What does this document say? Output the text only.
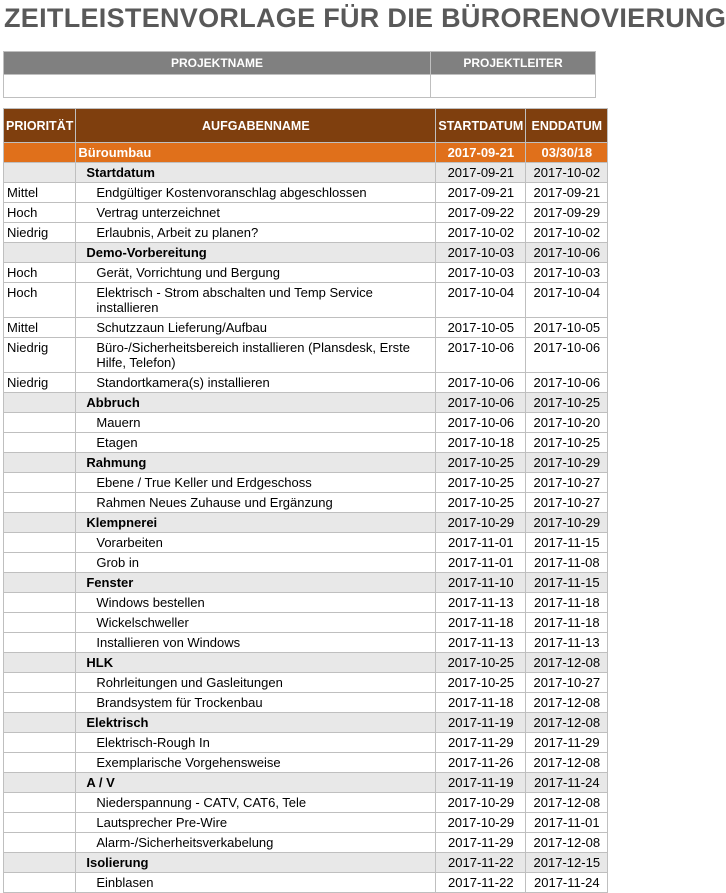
ZEITLEISTENVORLAGE FÜR DIE BÜRORENOVIERUNG
PROJEKTNAME	PROJEKTLEITER

PRIORITÄT	AUFGABENNAME	STARTDATUM	ENDDATUM
	Büroumbau	2017-09-21	03/30/18
	Startdatum	2017-09-21	2017-10-02
Mittel	Endgültiger Kostenvoranschlag abgeschlossen	2017-09-21	2017-09-21
Hoch	Vertrag unterzeichnet	2017-09-22	2017-09-29
Niedrig	Erlaubnis, Arbeit zu planen?	2017-10-02	2017-10-02
	Demo-Vorbereitung	2017-10-03	2017-10-06
Hoch	Gerät, Vorrichtung und Bergung	2017-10-03	2017-10-03
Hoch	Elektrisch - Strom abschalten und Temp Service installieren	2017-10-04	2017-10-04
Mittel	Schutzzaun Lieferung/Aufbau	2017-10-05	2017-10-05
Niedrig	Büro-/Sicherheitsbereich installieren (Plansdesk, Erste Hilfe, Telefon)	2017-10-06	2017-10-06
Niedrig	Standortkamera(s) installieren	2017-10-06	2017-10-06
	Abbruch	2017-10-06	2017-10-25
	Mauern	2017-10-06	2017-10-20
	Etagen	2017-10-18	2017-10-25
	Rahmung	2017-10-25	2017-10-29
	Ebene / True Keller und Erdgeschoss	2017-10-25	2017-10-27
	Rahmen Neues Zuhause und Ergänzung	2017-10-25	2017-10-27
	Klempnerei	2017-10-29	2017-10-29
	Vorarbeiten	2017-11-01	2017-11-15
	Grob in	2017-11-01	2017-11-08
	Fenster	2017-11-10	2017-11-15
	Windows bestellen	2017-11-13	2017-11-18
	Wickelschweller	2017-11-18	2017-11-18
	Installieren von Windows	2017-11-13	2017-11-13
	HLK	2017-10-25	2017-12-08
	Rohrleitungen und Gasleitungen	2017-10-25	2017-10-27
	Brandsystem für Trockenbau	2017-11-18	2017-12-08
	Elektrisch	2017-11-19	2017-12-08
	Elektrisch-Rough In	2017-11-29	2017-11-29
	Exemplarische Vorgehensweise	2017-11-26	2017-12-08
	A / V	2017-11-19	2017-11-24
	Niederspannung - CATV, CAT6, Tele	2017-10-29	2017-12-08
	Lautsprecher Pre-Wire	2017-10-29	2017-11-01
	Alarm-/Sicherheitsverkabelung	2017-11-29	2017-12-08
	Isolierung	2017-11-22	2017-12-15
	Einblasen	2017-11-22	2017-11-24
